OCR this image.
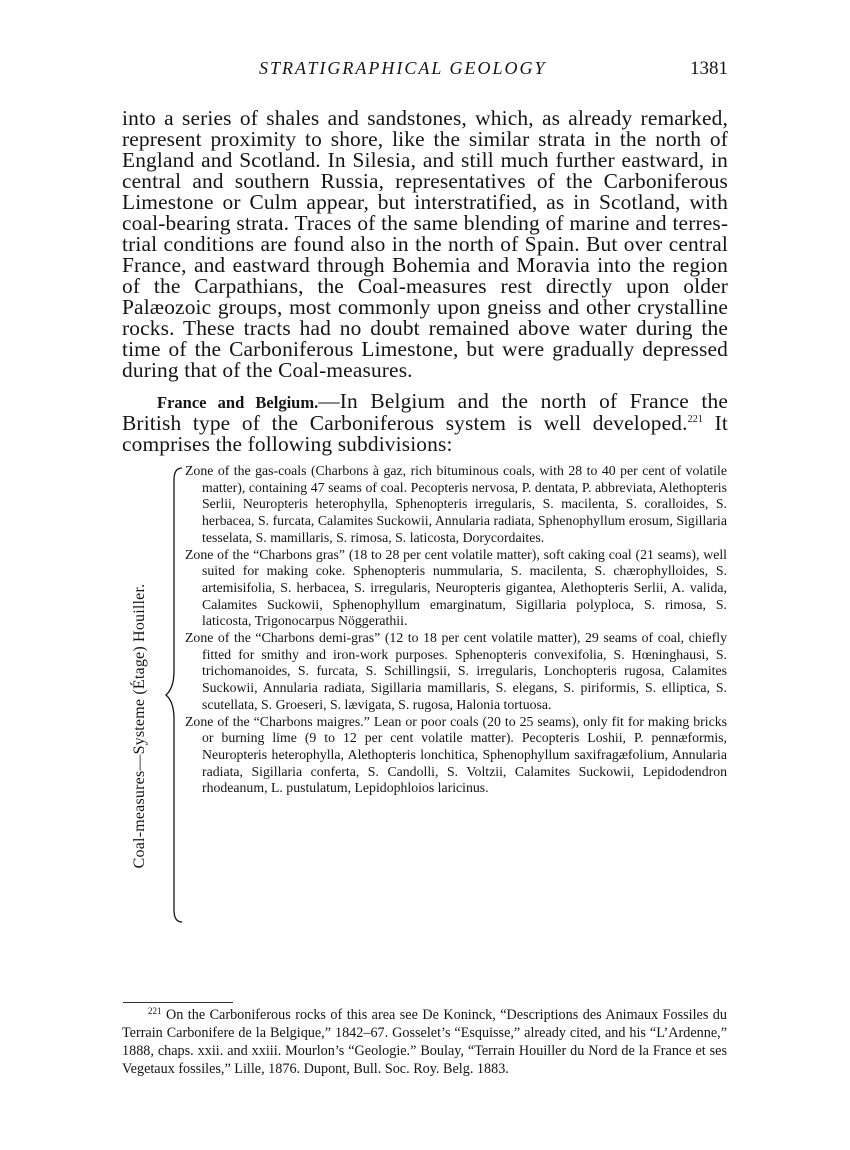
STRATIGRAPHICAL GEOLOGY	1381

into a series of shales and sandstones, which, as already remarked, represent proximity to shore, like the similar strata in the north of England and Scotland. In Silesia, and still much further eastward, in central and southern Russia, representatives of the Carboniferous Limestone or Culm appear, but interstratified, as in Scotland, with coal-bearing strata. Traces of the same blending of marine and terrestrial conditions are found also in the north of Spain. But over central France, and eastward through Bohemia and Moravia into the region of the Carpathians, the Coal-measures rest directly upon older Palæozoic groups, most commonly upon gneiss and other crystalline rocks. These tracts had no doubt remained above water during the time of the Carboniferous Limestone, but were gradually depressed during that of the Coal-measures.

France and Belgium.—In Belgium and the north of France the British type of the Carboniferous system is well developed.$^{221}$ It comprises the following subdivisions:

Coal-measures—Systeme (Étage) Houiller.
Zone of the gas-coals (Charbons à gaz, rich bituminous coals, with 28 to 40 per cent of volatile matter), containing 47 seams of coal. Pecopteris nervosa, P. dentata, P. abbreviata, Alethopteris Serlii, Neuropteris heterophylla, Sphenopteris irregularis, S. macilenta, S. coralloides, S. herbacea, S. furcata, Calamites Suckowii, Annularia radiata, Sphenophyllum erosum, Sigillaria tesselata, S. mamillaris, S. rimosa, S. laticosta, Dorycordaites.
Zone of the “Charbons gras” (18 to 28 per cent volatile matter), soft caking coal (21 seams), well suited for making coke. Sphenopteris nummularia, S. macilenta, S. chærophylloides, S. artemisifolia, S. herbacea, S. irregularis, Neuropteris gigantea, Alethopteris Serlii, A. valida, Calamites Suckowii, Sphenophyllum emarginatum, Sigillaria polyploca, S. rimosa, S. laticosta, Trigonocarpus Nöggerathii.
Zone of the “Charbons demi-gras” (12 to 18 per cent volatile matter), 29 seams of coal, chiefly fitted for smithy and iron-work purposes. Sphenopteris convexifolia, S. Hœninghausi, S. trichomanoides, S. furcata, S. Schillingsii, S. irregularis, Lonchopteris rugosa, Calamites Suckowii, Annularia radiata, Sigillaria mamillaris, S. elegans, S. piriformis, S. elliptica, S. scutellata, S. Groeseri, S. lævigata, S. rugosa, Halonia tortuosa.
Zone of the “Charbons maigres.” Lean or poor coals (20 to 25 seams), only fit for making bricks or burning lime (9 to 12 per cent volatile matter). Pecopteris Loshii, P. pennæformis, Neuropteris heterophylla, Alethopteris lonchitica, Sphenophyllum saxifragæfolium, Annularia radiata, Sigillaria conferta, S. Candolli, S. Voltzii, Calamites Suckowii, Lepidodendron rhodeanum, L. pustulatum, Lepidophloios laricinus.
$^{221}$ On the Carboniferous rocks of this area see De Koninck, “Descriptions des Animaux Fossiles du Terrain Carbonifere de la Belgique,” 1842–67. Gosselet’s “Esquisse,” already cited, and his “L’Ardenne,” 1888, chaps. xxii. and xxiii. Mourlon’s “Geologie.” Boulay, “Terrain Houiller du Nord de la France et ses Vegetaux fossiles,” Lille, 1876. Dupont, Bull. Soc. Roy. Belg. 1883.
